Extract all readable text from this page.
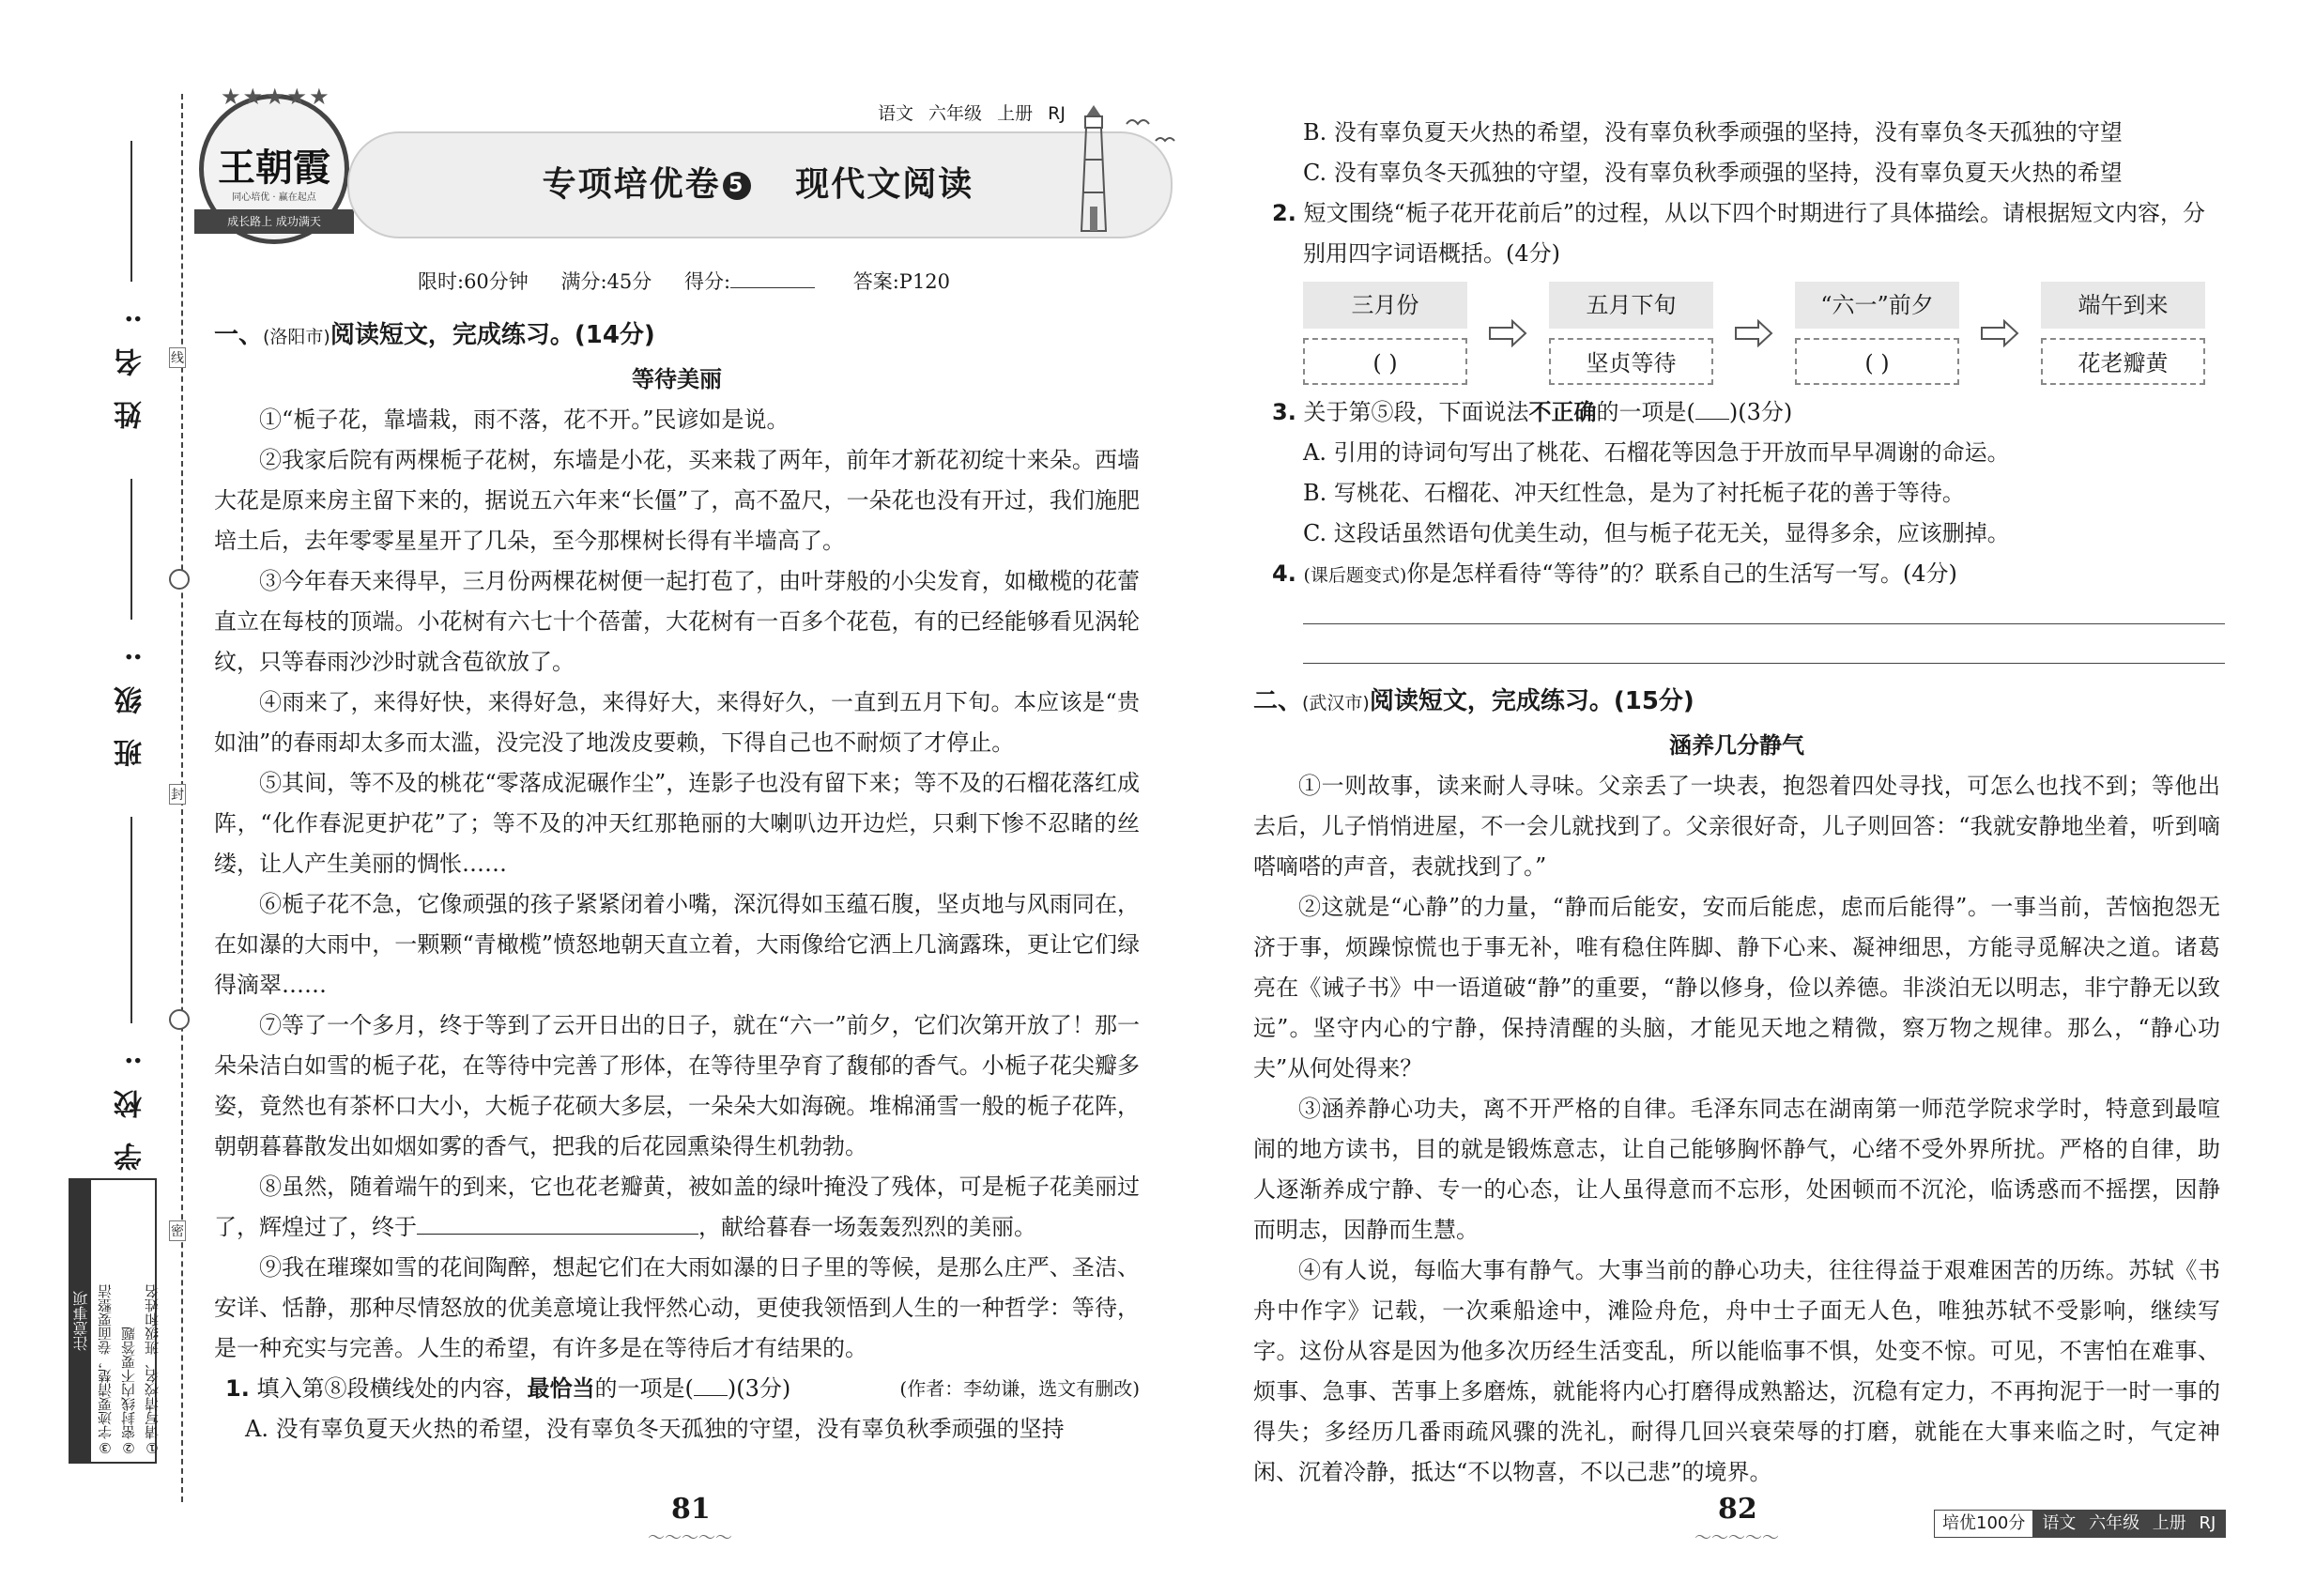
姓名:
班级:
学校:
线
封
密
注意事项	①请写清校名、班级和姓名
②密封线内不要答题
③字迹要清楚，卷面要整洁
★★★★★
王朝霞
同心培优 · 赢在起点
成长路上 成功满天
语文 六年级 上册 RJ
专项培优卷 5 现代文阅读
限时:60分钟 满分:45分 得分:	答案:P120

一、(洛阳市)阅读短文，完成练习。(14分)

等待美丽

①“栀子花，靠墙栽，雨不落，花不开。”民谚如是说。

②我家后院有两棵栀子花树，东墙是小花，买来栽了两年，前年才新花初绽十来朵。西墙大花是原来房主留下来的，据说五六年来“长僵”了，高不盈尺，一朵花也没有开过，我们施肥培土后，去年零零星星开了几朵，至今那棵树长得有半墙高了。

③今年春天来得早，三月份两棵花树便一起打苞了，由叶芽般的小尖发育，如橄榄的花蕾直立在每枝的顶端。小花树有六七十个蓓蕾，大花树有一百多个花苞，有的已经能够看见涡轮纹，只等春雨沙沙时就含苞欲放了。

④雨来了，来得好快，来得好急，来得好大，来得好久，一直到五月下旬。本应该是“贵如油”的春雨却太多而太滥，没完没了地泼皮要赖，下得自己也不耐烦了才停止。

⑤其间，等不及的桃花“零落成泥碾作尘”，连影子也没有留下来；等不及的石榴花落红成阵，“化作春泥更护花”了；等不及的冲天红那艳丽的大喇叭边开边烂，只剩下惨不忍睹的丝缕，让人产生美丽的惆怅……

⑥栀子花不急，它像顽强的孩子紧紧闭着小嘴，深沉得如玉蕴石腹，坚贞地与风雨同在，在如瀑的大雨中，一颗颗“青橄榄”愤怒地朝天直立着，大雨像给它洒上几滴露珠，更让它们绿得滴翠……

⑦等了一个多月，终于等到了云开日出的日子，就在“六一”前夕，它们次第开放了！那一朵朵洁白如雪的栀子花，在等待中完善了形体，在等待里孕育了馥郁的香气。小栀子花尖瓣多姿，竟然也有茶杯口大小，大栀子花硕大多层，一朵朵大如海碗。堆棉涌雪一般的栀子花阵，朝朝暮暮散发出如烟如雾的香气，把我的后花园熏染得生机勃勃。

⑧虽然，随着端午的到来，它也花老瓣黄，被如盖的绿叶掩没了残体，可是栀子花美丽过了，辉煌过了，终于	，献给暮春一场轰轰烈烈的美丽。

⑨我在璀璨如雪的花间陶醉，想起它们在大雨如瀑的日子里的等候，是那么庄严、圣洁、安详、恬静，那种尽情怒放的优美意境让我怦然心动，更使我领悟到人生的一种哲学：等待，是一种充实与完善。人生的希望，有许多是在等待后才有结果的。
(作者：李幼谦，选文有删改)

1. 填入第⑧段横线处的内容，最恰当的一项是( )(3分)

A. 没有辜负夏天火热的希望，没有辜负冬天孤独的守望，没有辜负秋季顽强的坚持

B. 没有辜负夏天火热的希望，没有辜负秋季顽强的坚持，没有辜负冬天孤独的守望

C. 没有辜负冬天孤独的守望，没有辜负秋季顽强的坚持，没有辜负夏天火热的希望

2. 短文围绕“栀子花开花前后”的过程，从以下四个时期进行了具体描绘。请根据短文内容，分别用四字词语概括。(4分)

三月份	五月下旬	“六一”前夕	端午到来
( )	坚贞等待	( )	花老瓣黄

3. 关于第⑤段，下面说法不正确的一项是( )(3分)

A. 引用的诗词句写出了桃花、石榴花等因急于开放而早早凋谢的命运。

B. 写桃花、石榴花、冲天红性急，是为了衬托栀子花的善于等待。

C. 这段话虽然语句优美生动，但与栀子花无关，显得多余，应该删掉。

4. (课后题变式)你是怎样看待“等待”的？联系自己的生活写一写。(4分)

二、(武汉市)阅读短文，完成练习。(15分)

涵养几分静气

①一则故事，读来耐人寻味。父亲丢了一块表，抱怨着四处寻找，可怎么也找不到；等他出去后，儿子悄悄进屋，不一会儿就找到了。父亲很好奇，儿子则回答：“我就安静地坐着，听到嘀嗒嘀嗒的声音，表就找到了。”

②这就是“心静”的力量，“静而后能安，安而后能虑，虑而后能得”。一事当前，苦恼抱怨无济于事，烦躁惊慌也于事无补，唯有稳住阵脚、静下心来、凝神细思，方能寻觅解决之道。诸葛亮在《诫子书》中一语道破“静”的重要，“静以修身，俭以养德。非淡泊无以明志，非宁静无以致远”。坚守内心的宁静，保持清醒的头脑，才能见天地之精微，察万物之规律。那么，“静心功夫”从何处得来？

③涵养静心功夫，离不开严格的自律。毛泽东同志在湖南第一师范学院求学时，特意到最喧闹的地方读书，目的就是锻炼意志，让自己能够胸怀静气，心绪不受外界所扰。严格的自律，助人逐渐养成宁静、专一的心态，让人虽得意而不忘形，处困顿而不沉沦，临诱惑而不摇摆，因静而明志，因静而生慧。

④有人说，每临大事有静气。大事当前的静心功夫，往往得益于艰难困苦的历练。苏轼《书舟中作字》记载，一次乘船途中，滩险舟危，舟中士子面无人色，唯独苏轼不受影响，继续写字。这份从容是因为他多次历经生活变乱，所以能临事不惧，处变不惊。可见，不害怕在难事、烦事、急事、苦事上多磨炼，就能将内心打磨得成熟豁达，沉稳有定力，不再拘泥于一时一事的得失；多经历几番雨疏风骤的洗礼，耐得几回兴衰荣辱的打磨，就能在大事来临之时，气定神闲、沉着冷静，抵达“不以物喜，不以己悲”的境界。

81
〜〜〜〜〜
82
〜〜〜〜〜
培优100分	语文 六年级 上册 RJ
